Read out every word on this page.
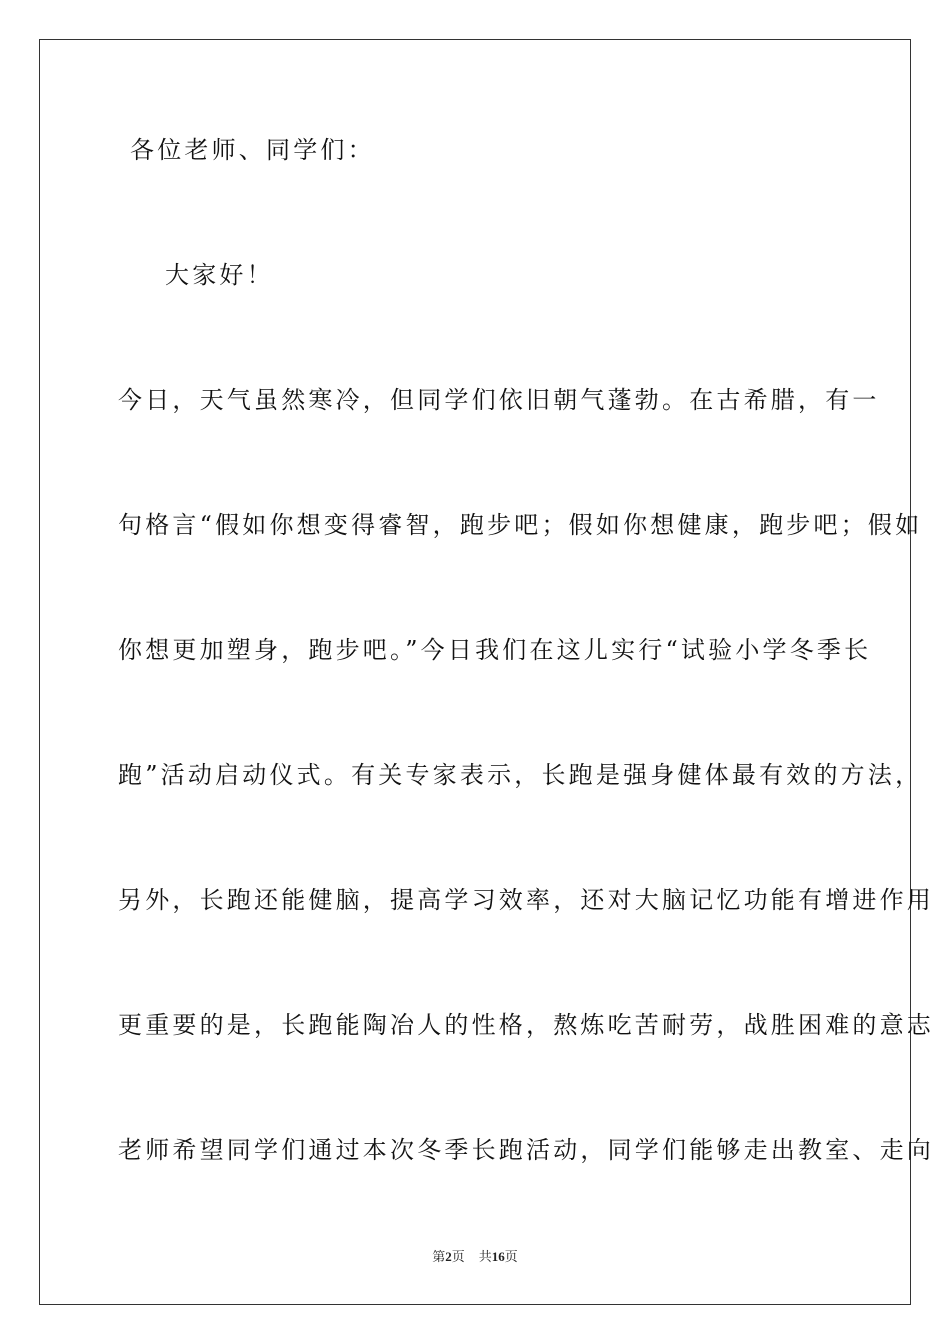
各位老师、同学们：
大家好！
今日，天气虽然寒冷，但同学们依旧朝气蓬勃。在古希腊，有一
句格言“假如你想变得睿智，跑步吧；假如你想健康，跑步吧；假如
你想更加塑身，跑步吧。”今日我们在这儿实行“试验小学冬季长
跑”活动启动仪式。有关专家表示，长跑是强身健体最有效的方法，
另外，长跑还能健脑，提高学习效率，还对大脑记忆功能有增进作用
更重要的是，长跑能陶冶人的性格，熬炼吃苦耐劳，战胜困难的意志
老师希望同学们通过本次冬季长跑活动，同学们能够走出教室、走向
第2页 共16页
